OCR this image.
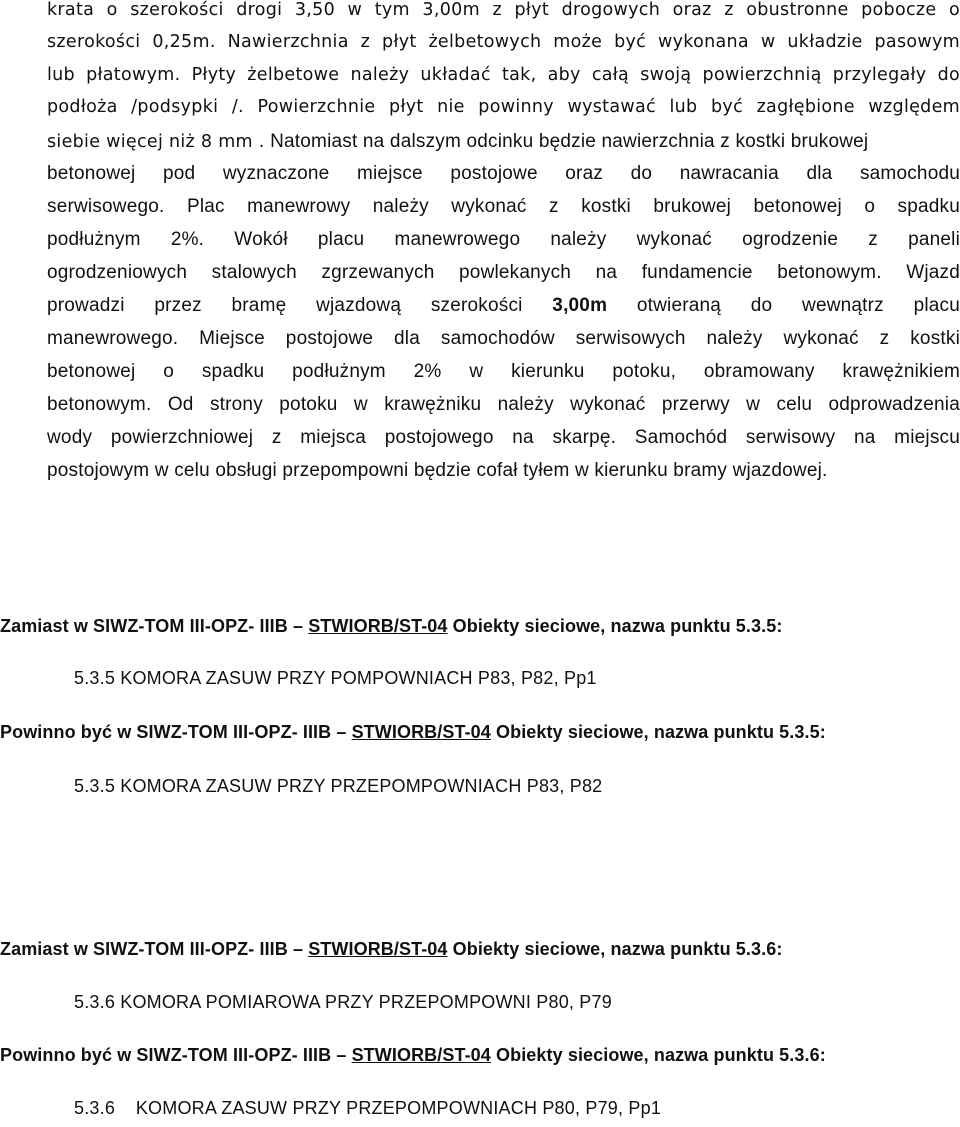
krata o szerokości drogi 3,50 w tym 3,00m z płyt drogowych oraz z obustronne pobocze o
szerokości 0,25m. Nawierzchnia z płyt żelbetowych może być wykonana w układzie pasowym
lub płatowym. Płyty żelbetowe należy układać tak, aby całą swoją powierzchnią przylegały do
podłoża /podsypki /. Powierzchnie płyt nie powinny wystawać lub być zagłębione względem
siebie więcej niż 8 mm . Natomiast na dalszym odcinku będzie nawierzchnia z kostki brukowej
betonowej pod wyznaczone miejsce postojowe oraz do nawracania dla samochodu
serwisowego. Plac manewrowy należy wykonać z kostki brukowej betonowej o spadku
podłużnym 2%. Wokół placu manewrowego należy wykonać ogrodzenie z paneli
ogrodzeniowych stalowych zgrzewanych powlekanych na fundamencie betonowym. Wjazd
prowadzi przez bramę wjazdową szerokości 3,00m otwieraną do wewnątrz placu
manewrowego. Miejsce postojowe dla samochodów serwisowych należy wykonać z kostki
betonowej o spadku podłużnym 2% w kierunku potoku, obramowany krawężnikiem
betonowym. Od strony potoku w krawężniku należy wykonać przerwy w celu odprowadzenia
wody powierzchniowej z miejsca postojowego na skarpę. Samochód serwisowy na miejscu
postojowym w celu obsługi przepompowni będzie cofał tyłem w kierunku bramy wjazdowej.
Zamiast w SIWZ-TOM III-OPZ- IIIB – STWIORB/ST-04 Obiekty sieciowe, nazwa punktu 5.3.5:
5.3.5 KOMORA ZASUW PRZY POMPOWNIACH P83, P82, Pp1
Powinno być w SIWZ-TOM III-OPZ- IIIB – STWIORB/ST-04 Obiekty sieciowe, nazwa punktu 5.3.5:
5.3.5 KOMORA ZASUW PRZY PRZEPOMPOWNIACH P83, P82
Zamiast w SIWZ-TOM III-OPZ- IIIB – STWIORB/ST-04 Obiekty sieciowe, nazwa punktu 5.3.6:
5.3.6 KOMORA POMIAROWA PRZY PRZEPOMPOWNI P80, P79
Powinno być w SIWZ-TOM III-OPZ- IIIB – STWIORB/ST-04 Obiekty sieciowe, nazwa punktu 5.3.6:
5.3.6    KOMORA ZASUW PRZY PRZEPOMPOWNIACH P80, P79, Pp1
